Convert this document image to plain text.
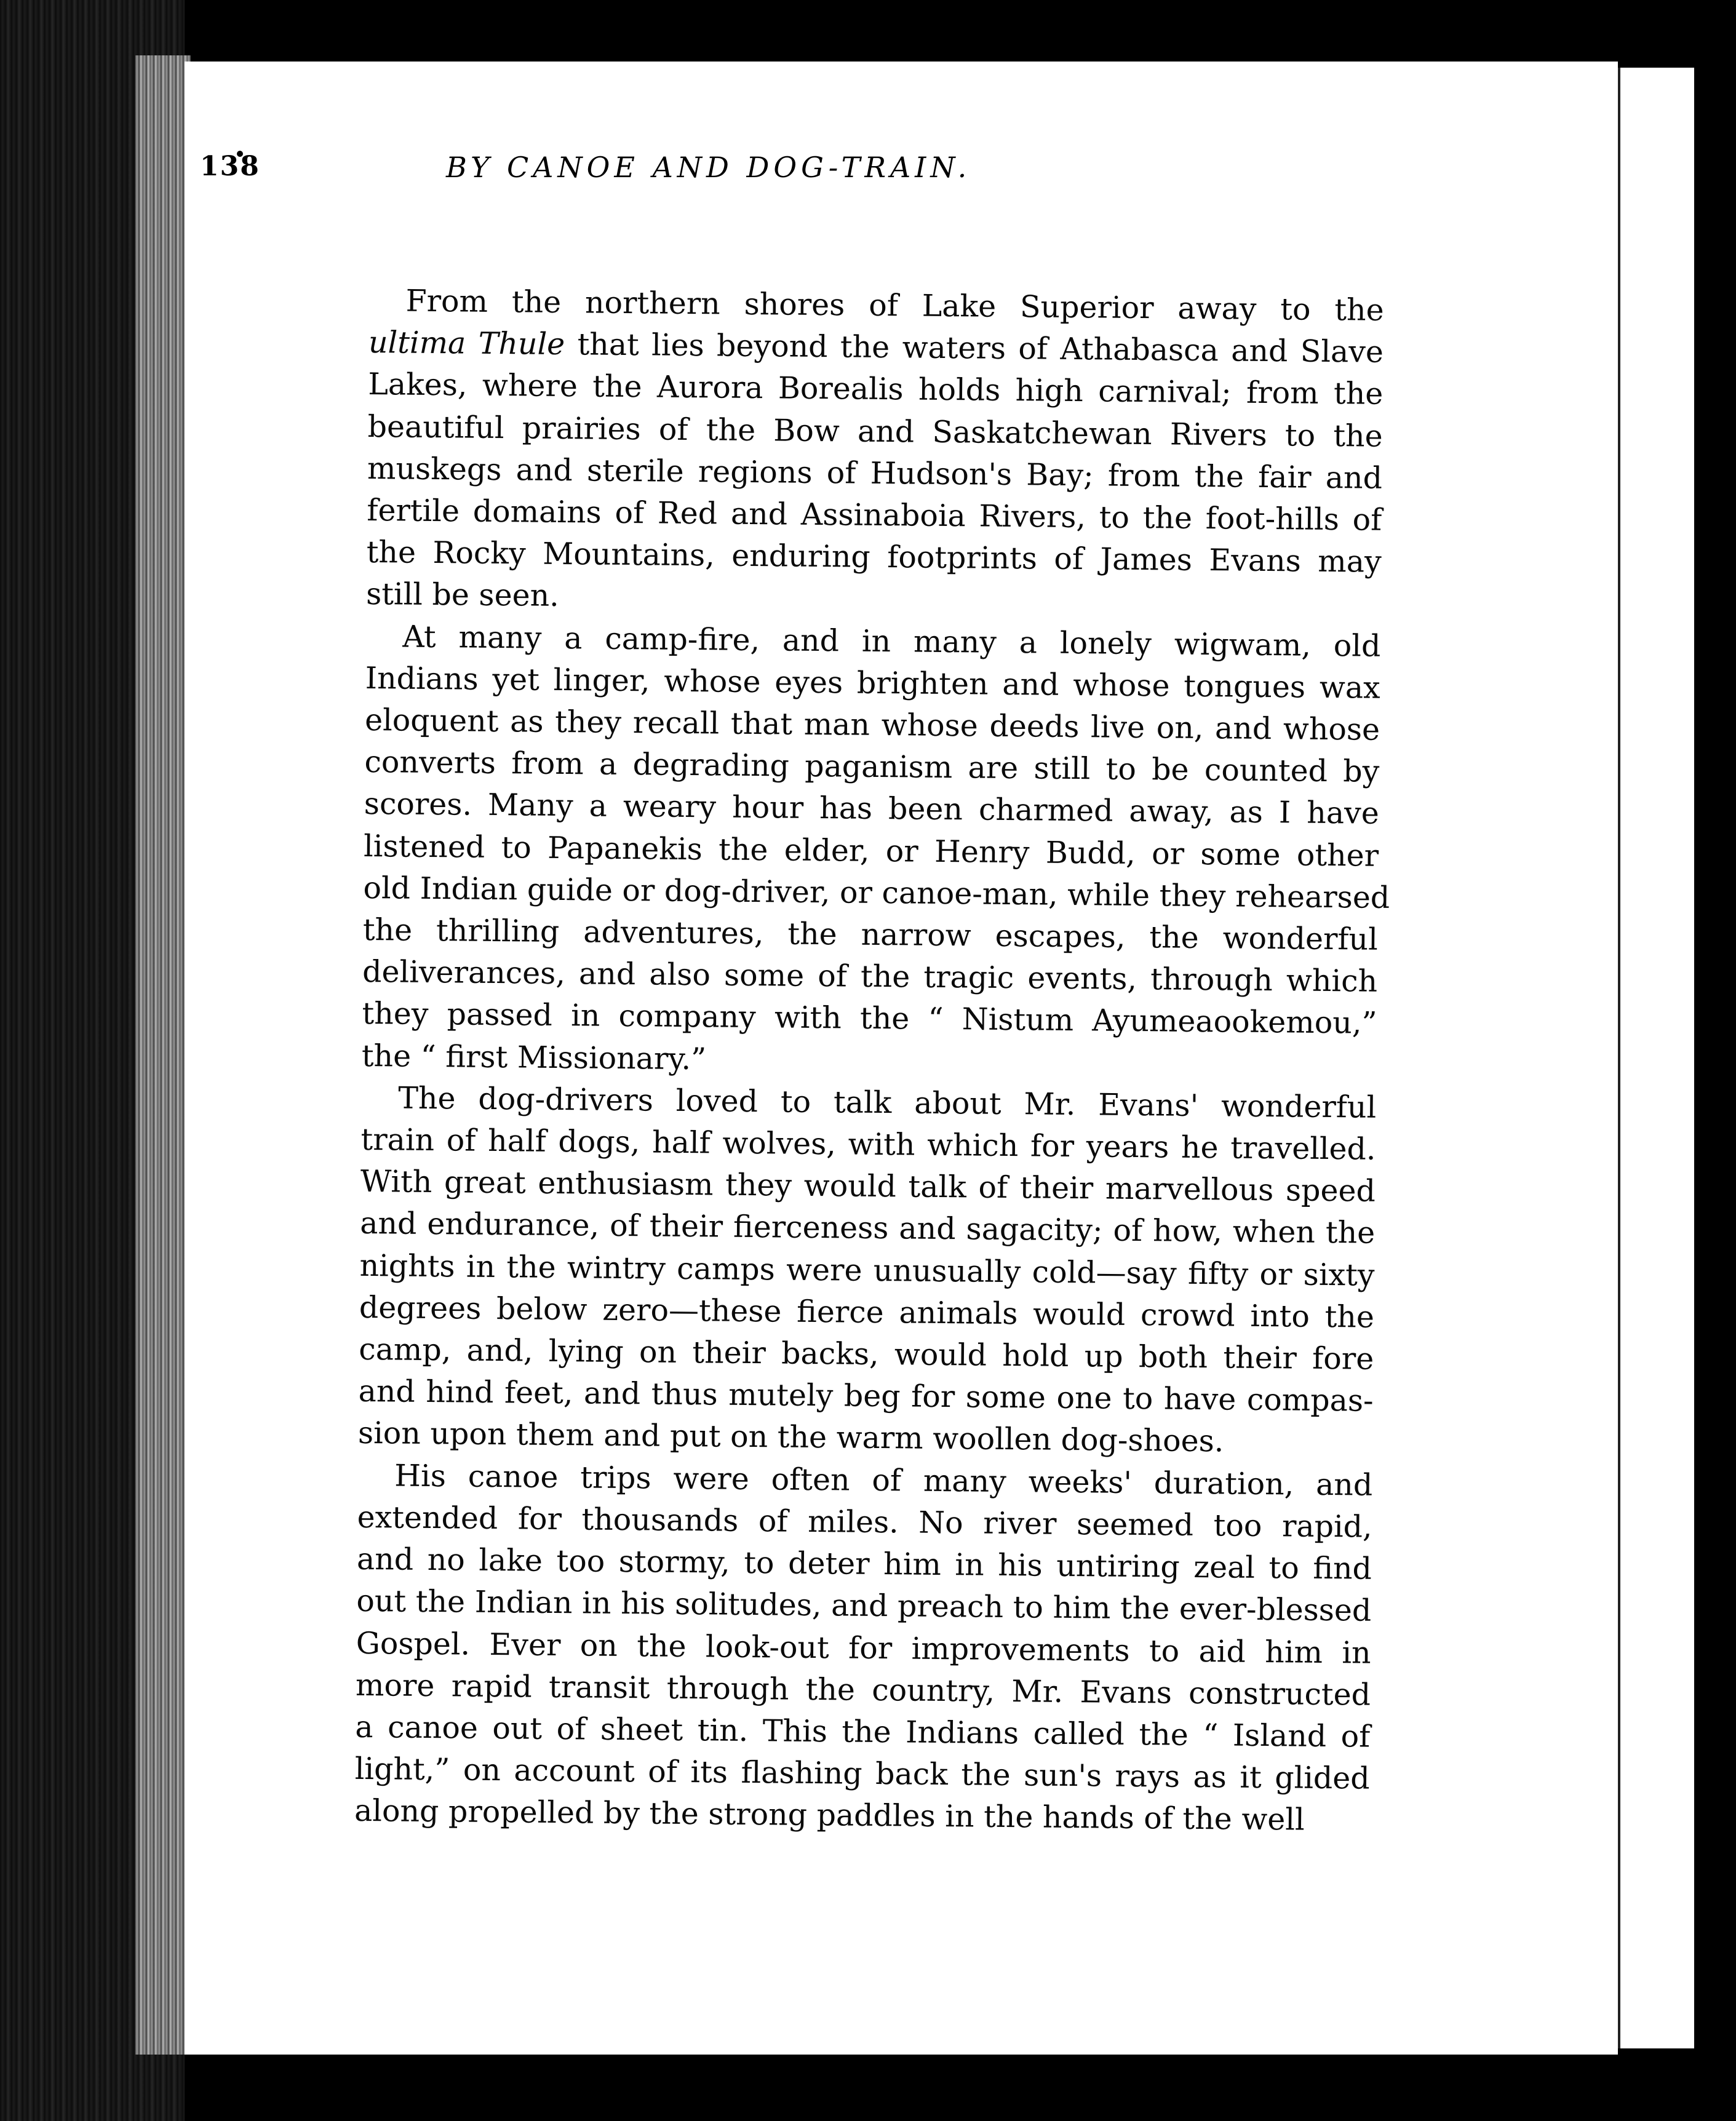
138	BY CANOE AND DOG-TRAIN.

From the northern shores of Lake Superior away to the
ultima Thule that lies beyond the waters of Athabasca and Slave
Lakes, where the Aurora Borealis holds high carnival; from the
beautiful prairies of the Bow and Saskatchewan Rivers to the
muskegs and sterile regions of Hudson's Bay; from the fair and
fertile domains of Red and Assinaboia Rivers, to the foot-hills of
the Rocky Mountains, enduring footprints of James Evans may
still be seen.

At many a camp-fire, and in many a lonely wigwam, old
Indians yet linger, whose eyes brighten and whose tongues wax
eloquent as they recall that man whose deeds live on, and whose
converts from a degrading paganism are still to be counted by
scores. Many a weary hour has been charmed away, as I have
listened to Papanekis the elder, or Henry Budd, or some other
old Indian guide or dog-driver, or canoe-man, while they rehearsed
the thrilling adventures, the narrow escapes, the wonderful
deliverances, and also some of the tragic events, through which
they passed in company with the “ Nistum Ayumeaookemou,”
the “ first Missionary.”

The dog-drivers loved to talk about Mr. Evans' wonderful
train of half dogs, half wolves, with which for years he travelled.
With great enthusiasm they would talk of their marvellous speed
and endurance, of their fierceness and sagacity; of how, when the
nights in the wintry camps were unusually cold—say fifty or sixty
degrees below zero—these fierce animals would crowd into the
camp, and, lying on their backs, would hold up both their fore
and hind feet, and thus mutely beg for some one to have compas-
sion upon them and put on the warm woollen dog-shoes.

His canoe trips were often of many weeks' duration, and
extended for thousands of miles. No river seemed too rapid,
and no lake too stormy, to deter him in his untiring zeal to find
out the Indian in his solitudes, and preach to him the ever-blessed
Gospel. Ever on the look-out for improvements to aid him in
more rapid transit through the country, Mr. Evans constructed
a canoe out of sheet tin. This the Indians called the “ Island of
light,” on account of its flashing back the sun's rays as it glided
along propelled by the strong paddles in the hands of the well
